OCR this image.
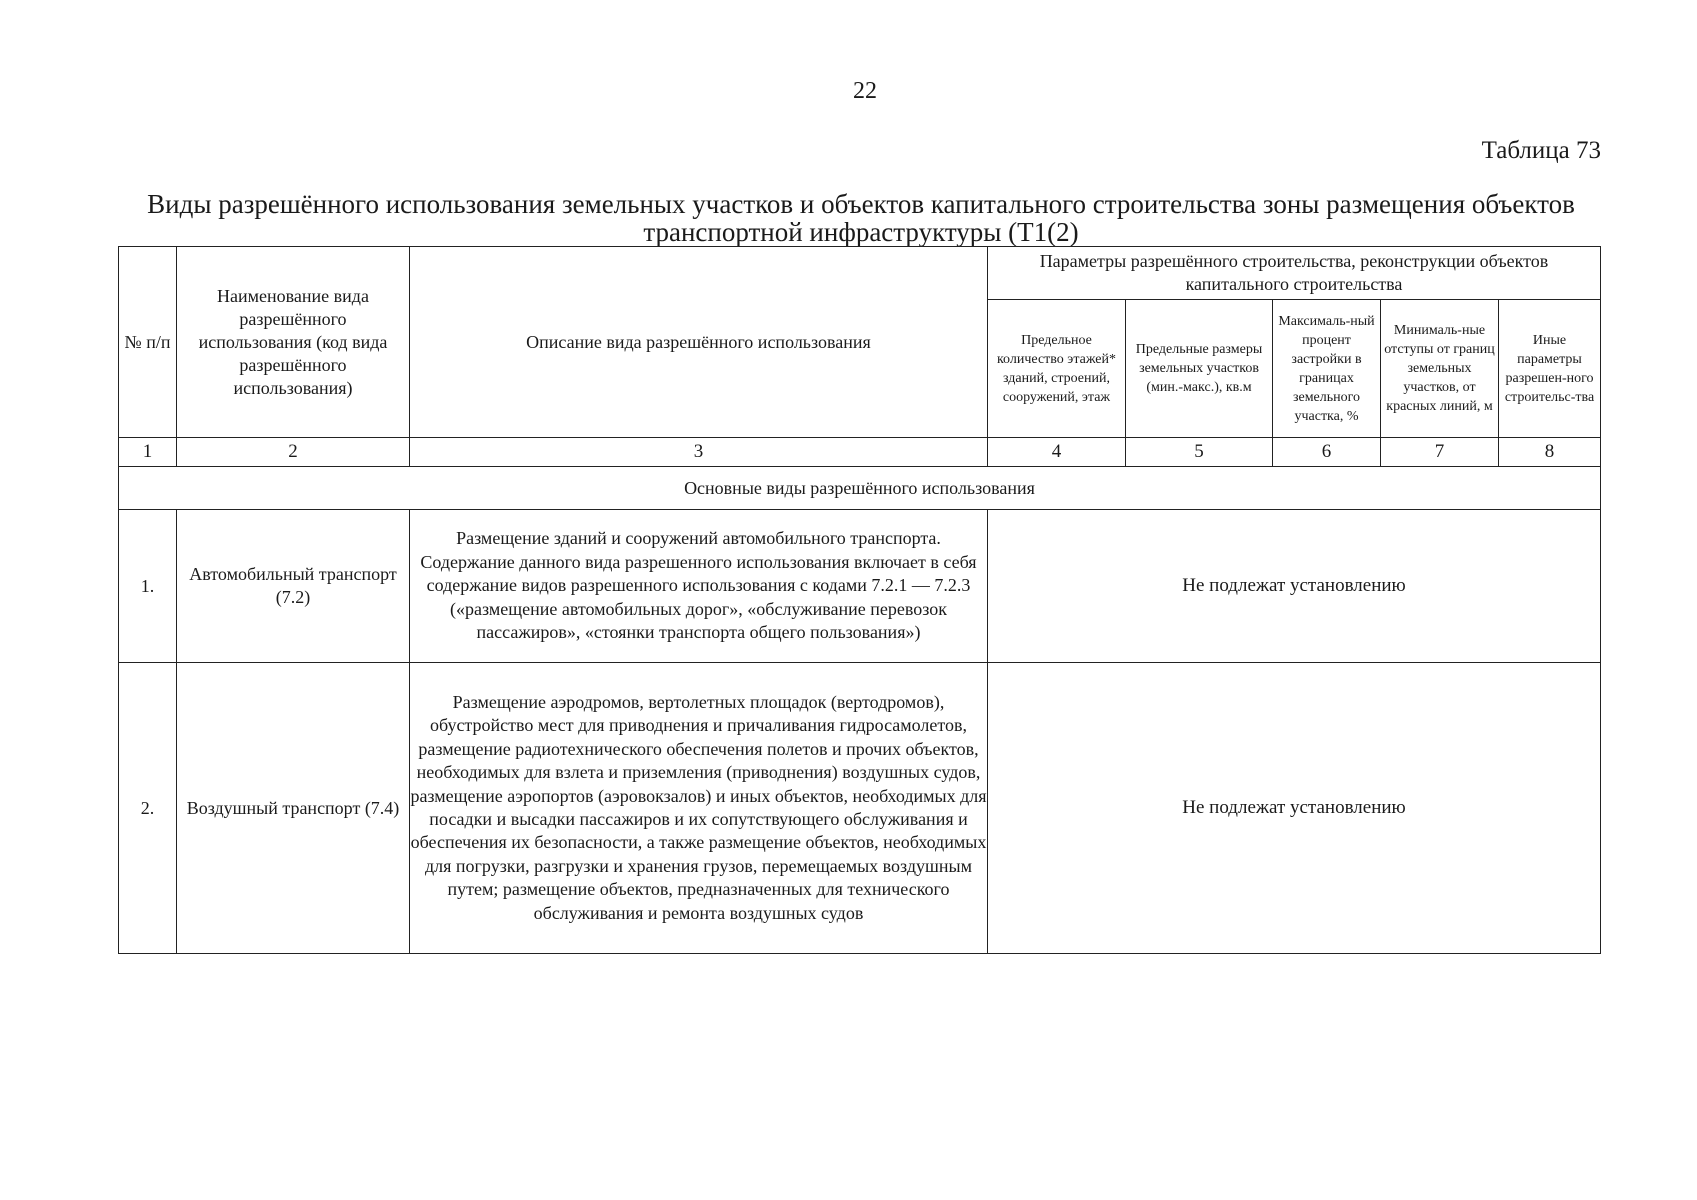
22
Таблица 73
Виды разрешённого использования земельных участков и объектов капитального строительства зоны размещения объектов транспортной инфраструктуры (Т1(2)
№ п/п	Наименование вида разрешённого использования (код вида разрешённого использования)	Описание вида разрешённого использования	Параметры разрешённого строительства, реконструкции объектов капитального строительства				
			Предельное количество этажей* зданий, строений, сооружений, этаж	Предельные размеры земельных участков (мин.-макс.), кв.м	Максималь-ный процент застройки в границах земельного участка, %	Минималь-ные отступы от границ земельных участков, от красных линий, м	Иные параметры разрешен-ного строительс-тва
1	2	3	4	5	6	7	8
Основные виды разрешённого использования							
1.	Автомобильный транспорт (7.2)	Размещение зданий и сооружений автомобильного транспорта. Содержание данного вида разрешенного использования включает в себя содержание видов разрешенного использования с кодами 7.2.1 — 7.2.3 («размещение автомобильных дорог», «обслуживание перевозок пассажиров», «стоянки транспорта общего пользования»)	Не подлежат установлению				
2.	Воздушный транспорт (7.4)	Размещение аэродромов, вертолетных площадок (вертодромов), обустройство мест для приводнения и причаливания гидросамолетов, размещение радиотехнического обеспечения полетов и прочих объектов, необходимых для взлета и приземления (приводнения) воздушных судов, размещение аэропортов (аэровокзалов) и иных объектов, необходимых для посадки и высадки пассажиров и их сопутствующего обслуживания и обеспечения их безопасности, а также размещение объектов, необходимых для погрузки, разгрузки и хранения грузов, перемещаемых воздушным путем; размещение объектов, предназначенных для технического обслуживания и ремонта воздушных судов	Не подлежат установлению				
